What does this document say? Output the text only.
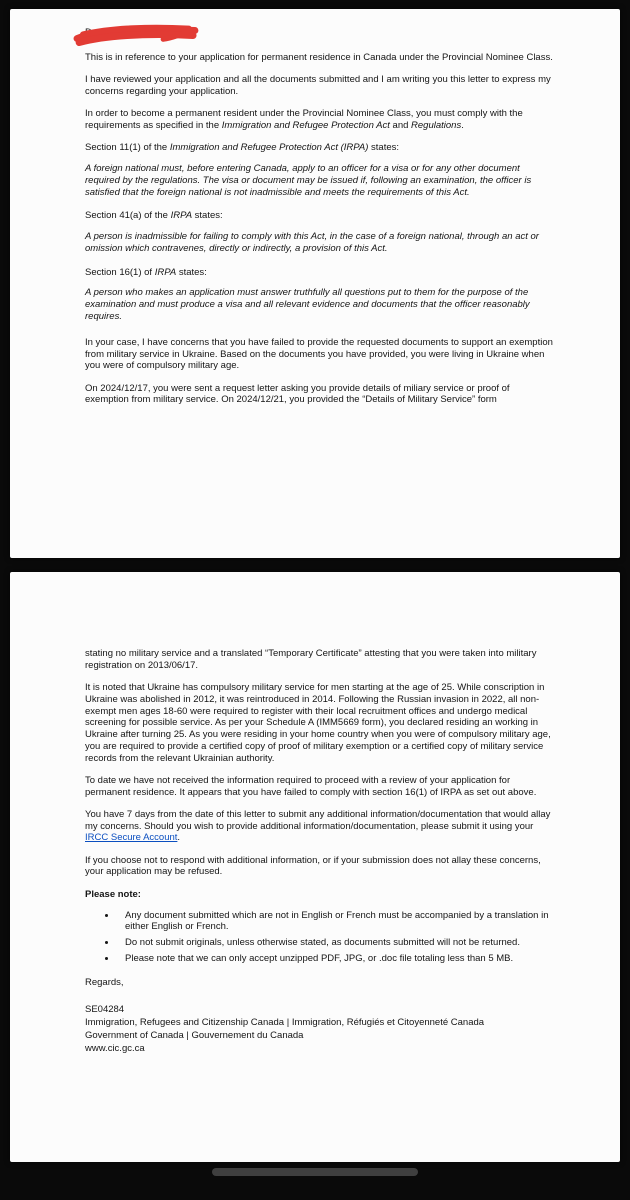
Dear Y

This is in reference to your application for permanent residence in Canada under the Provincial Nominee Class.

I have reviewed your application and all the documents submitted and I am writing you this letter to express my concerns regarding your application.

In order to become a permanent resident under the Provincial Nominee Class, you must comply with the requirements as specified in the Immigration and Refugee Protection Act and Regulations.

Section 11(1) of the Immigration and Refugee Protection Act (IRPA) states:

A foreign national must, before entering Canada, apply to an officer for a visa or for any other document required by the regulations. The visa or document may be issued if, following an examination, the officer is satisfied that the foreign national is not inadmissible and meets the requirements of this Act.

Section 41(a) of the IRPA states:

A person is inadmissible for failing to comply with this Act, in the case of a foreign national, through an act or omission which contravenes, directly or indirectly, a provision of this Act.

Section 16(1) of IRPA states:

A person who makes an application must answer truthfully all questions put to them for the purpose of the examination and must produce a visa and all relevant evidence and documents that the officer reasonably requires.

In your case, I have concerns that you have failed to provide the requested documents to support an exemption from military service in Ukraine. Based on the documents you have provided, you were living in Ukraine when you were of compulsory military age.

On 2024/12/17, you were sent a request letter asking you provide details of miliary service or proof of exemption from military service. On 2024/12/21, you provided the “Details of Military Service” form

stating no military service and a translated “Temporary Certificate” attesting that you were taken into military registration on 2013/06/17.

It is noted that Ukraine has compulsory military service for men starting at the age of 25. While conscription in Ukraine was abolished in 2012, it was reintroduced in 2014. Following the Russian invasion in 2022, all non-exempt men ages 18-60 were required to register with their local recruitment offices and undergo medical screening for possible service. As per your Schedule A (IMM5669 form), you declared residing an working in Ukraine after turning 25. As you were residing in your home country when you were of compulsory military age, you are required to provide a certified copy of proof of military exemption or a certified copy of military service records from the relevant Ukrainian authority.

To date we have not received the information required to proceed with a review of your application for permanent residence. It appears that you have failed to comply with section 16(1) of IRPA as set out above.

You have 7 days from the date of this letter to submit any additional information/documentation that would allay my concerns. Should you wish to provide additional information/documentation, please submit it using your IRCC Secure Account.

If you choose not to respond with additional information, or if your submission does not allay these concerns, your application may be refused.

Please note:

• Any document submitted which are not in English or French must be accompanied by a translation in either English or French.
• Do not submit originals, unless otherwise stated, as documents submitted will not be returned.
• Please note that we can only accept unzipped PDF, JPG, or .doc file totaling less than 5 MB.

Regards,

SE04284

Immigration, Refugees and Citizenship Canada | Immigration, Réfugiés et Citoyenneté Canada

Government of Canada | Gouvernement du Canada

www.cic.gc.ca
